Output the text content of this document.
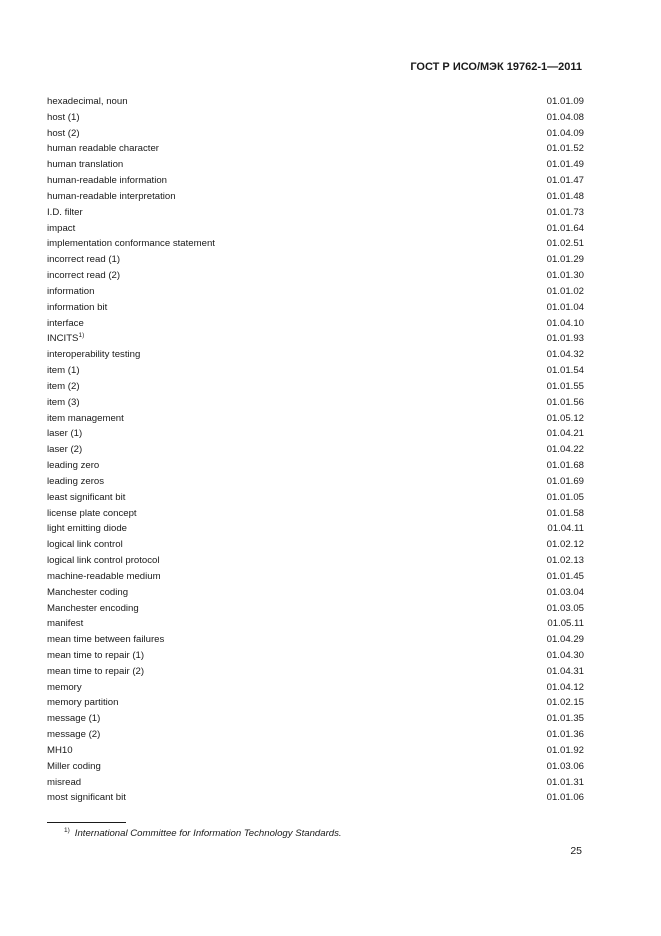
ГОСТ Р ИСО/МЭК 19762-1—2011
hexadecimal, noun	01.01.09
host (1)	01.04.08
host (2)	01.04.09
human readable character	01.01.52
human translation	01.01.49
human-readable information	01.01.47
human-readable interpretation	01.01.48
I.D. filter	01.01.73
impact	01.01.64
implementation conformance statement	01.02.51
incorrect read (1)	01.01.29
incorrect read (2)	01.01.30
information	01.01.02
information bit	01.01.04
interface	01.04.10
INCITS$^{1)}$	01.01.93
interoperability testing	01.04.32
item (1)	01.01.54
item (2)	01.01.55
item (3)	01.01.56
item management	01.05.12
laser (1)	01.04.21
laser (2)	01.04.22
leading zero	01.01.68
leading zeros	01.01.69
least significant bit	01.01.05
license plate concept	01.01.58
light emitting diode	01.04.11
logical link control	01.02.12
logical link control protocol	01.02.13
machine-readable medium	01.01.45
Manchester coding	01.03.04
Manchester encoding	01.03.05
manifest	01.05.11
mean time between failures	01.04.29
mean time to repair (1)	01.04.30
mean time to repair (2)	01.04.31
memory	01.04.12
memory partition	01.02.15
message (1)	01.01.35
message (2)	01.01.36
MH10	01.01.92
Miller coding	01.03.06
misread	01.01.31
most significant bit	01.01.06
$^{1)}$ International Committee for Information Technology Standards.
25
